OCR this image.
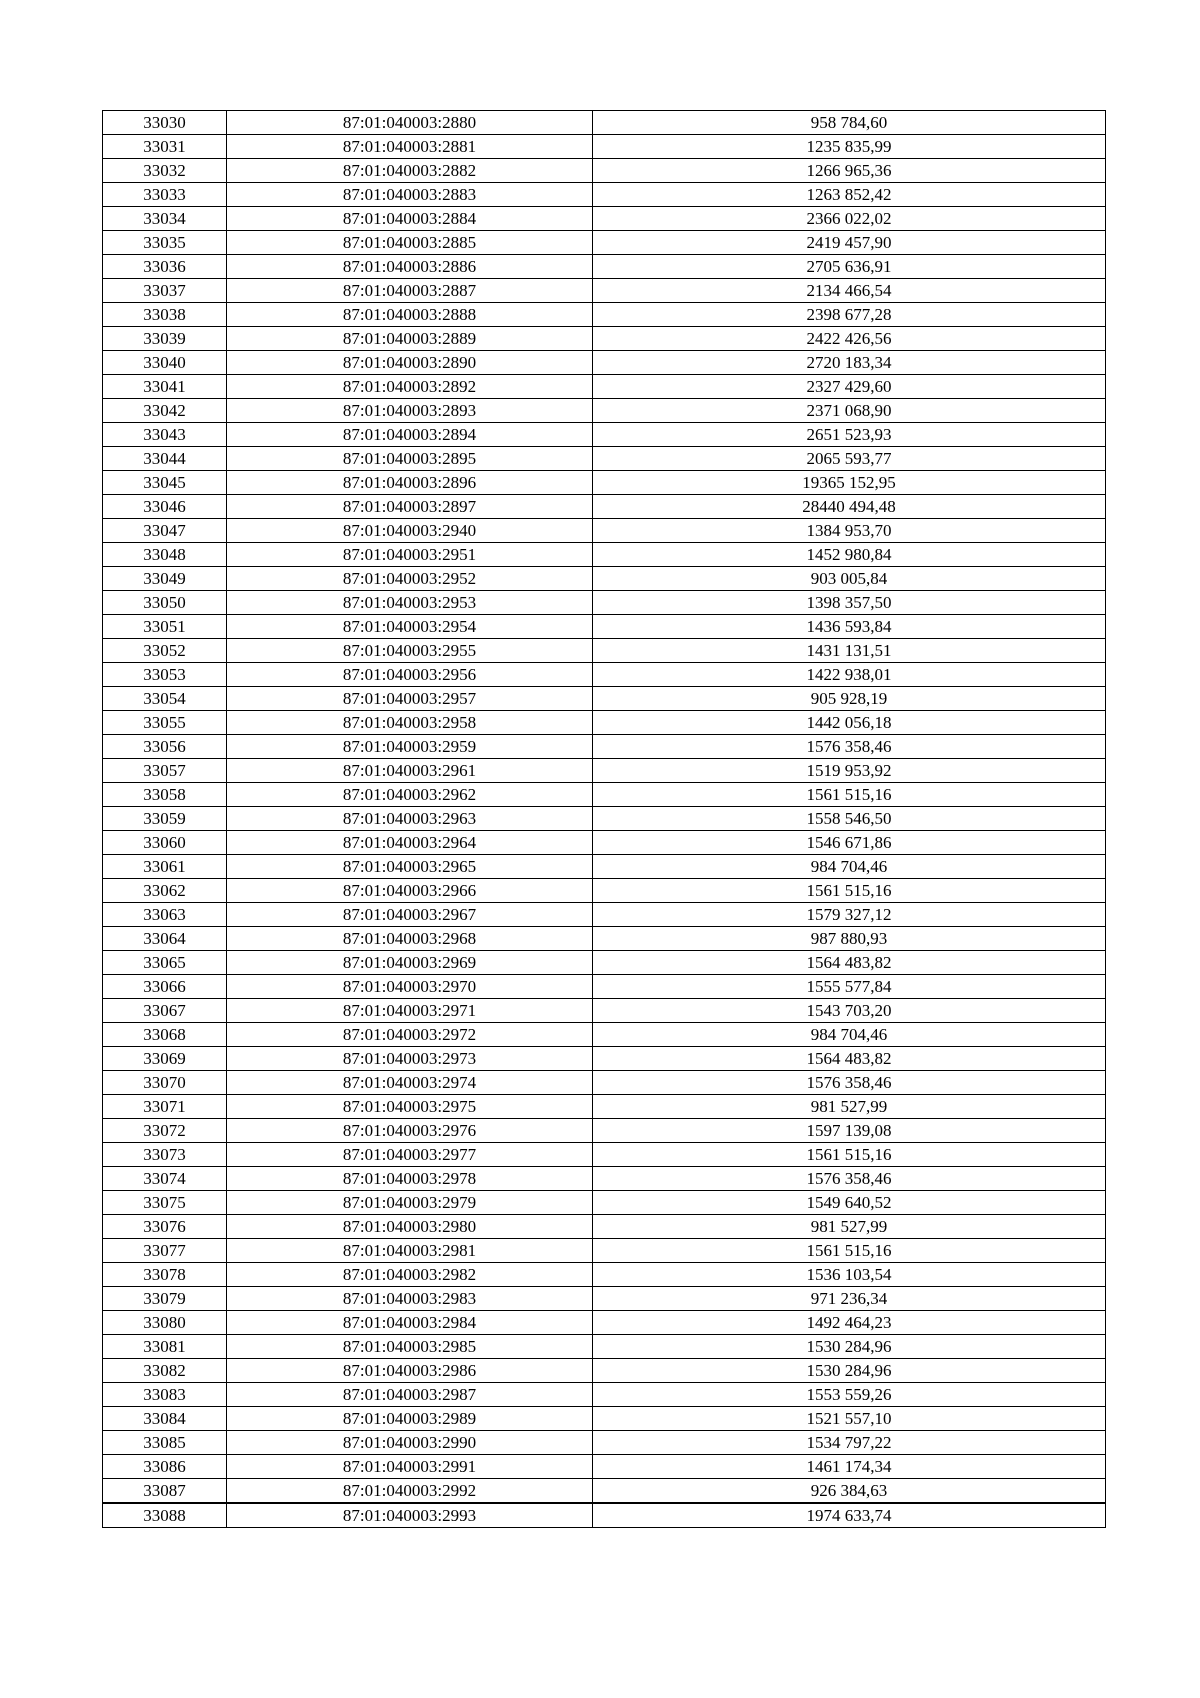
33030	87:01:040003:2880	958 784,60
33031	87:01:040003:2881	1235 835,99
33032	87:01:040003:2882	1266 965,36
33033	87:01:040003:2883	1263 852,42
33034	87:01:040003:2884	2366 022,02
33035	87:01:040003:2885	2419 457,90
33036	87:01:040003:2886	2705 636,91
33037	87:01:040003:2887	2134 466,54
33038	87:01:040003:2888	2398 677,28
33039	87:01:040003:2889	2422 426,56
33040	87:01:040003:2890	2720 183,34
33041	87:01:040003:2892	2327 429,60
33042	87:01:040003:2893	2371 068,90
33043	87:01:040003:2894	2651 523,93
33044	87:01:040003:2895	2065 593,77
33045	87:01:040003:2896	19365 152,95
33046	87:01:040003:2897	28440 494,48
33047	87:01:040003:2940	1384 953,70
33048	87:01:040003:2951	1452 980,84
33049	87:01:040003:2952	903 005,84
33050	87:01:040003:2953	1398 357,50
33051	87:01:040003:2954	1436 593,84
33052	87:01:040003:2955	1431 131,51
33053	87:01:040003:2956	1422 938,01
33054	87:01:040003:2957	905 928,19
33055	87:01:040003:2958	1442 056,18
33056	87:01:040003:2959	1576 358,46
33057	87:01:040003:2961	1519 953,92
33058	87:01:040003:2962	1561 515,16
33059	87:01:040003:2963	1558 546,50
33060	87:01:040003:2964	1546 671,86
33061	87:01:040003:2965	984 704,46
33062	87:01:040003:2966	1561 515,16
33063	87:01:040003:2967	1579 327,12
33064	87:01:040003:2968	987 880,93
33065	87:01:040003:2969	1564 483,82
33066	87:01:040003:2970	1555 577,84
33067	87:01:040003:2971	1543 703,20
33068	87:01:040003:2972	984 704,46
33069	87:01:040003:2973	1564 483,82
33070	87:01:040003:2974	1576 358,46
33071	87:01:040003:2975	981 527,99
33072	87:01:040003:2976	1597 139,08
33073	87:01:040003:2977	1561 515,16
33074	87:01:040003:2978	1576 358,46
33075	87:01:040003:2979	1549 640,52
33076	87:01:040003:2980	981 527,99
33077	87:01:040003:2981	1561 515,16
33078	87:01:040003:2982	1536 103,54
33079	87:01:040003:2983	971 236,34
33080	87:01:040003:2984	1492 464,23
33081	87:01:040003:2985	1530 284,96
33082	87:01:040003:2986	1530 284,96
33083	87:01:040003:2987	1553 559,26
33084	87:01:040003:2989	1521 557,10
33085	87:01:040003:2990	1534 797,22
33086	87:01:040003:2991	1461 174,34
33087	87:01:040003:2992	926 384,63
33088	87:01:040003:2993	1974 633,74
